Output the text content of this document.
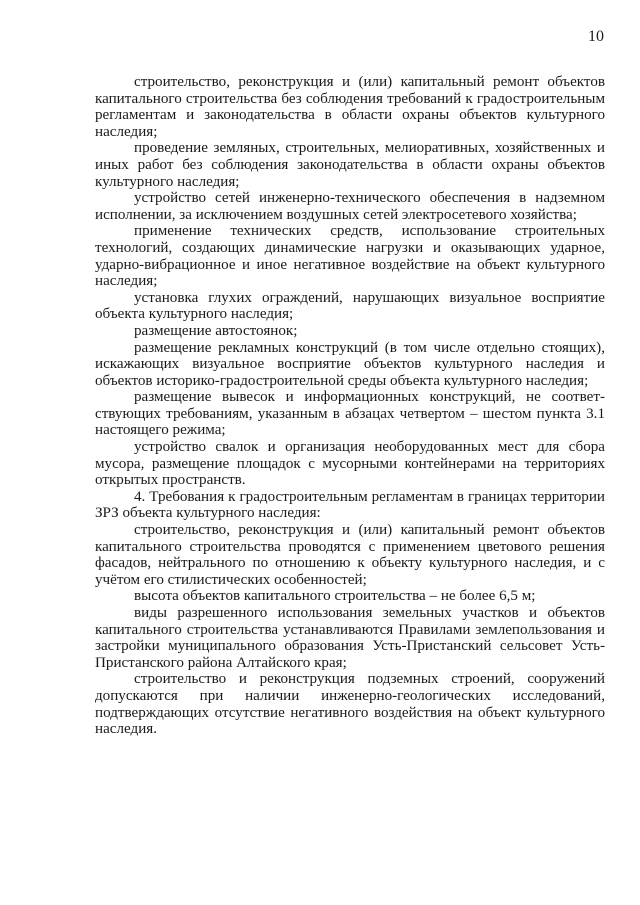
10

строительство, реконструкция и (или) капитальный ремонт объектов капитального строительства без соблюдения требований к градостроительным регламентам и законодательства в области охраны объектов культурного наследия;

проведение земляных, строительных, мелиоративных, хозяйственных и иных работ без соблюдения законодательства в области охраны объектов культурного наследия;

устройство сетей инженерно-технического обеспечения в надземном исполнении, за исключением воздушных сетей электросетевого хозяйства;

применение технических средств, использование строительных технологий, создающих динамические нагрузки и оказывающих ударное, ударно-вибрационное и иное негативное воздействие на объект культурного наследия;

установка глухих ограждений, нарушающих визуальное восприятие объекта культурного наследия;

размещение автостоянок;

размещение рекламных конструкций (в том числе отдельно стоящих), искажающих визуальное восприятие объектов культурного наследия и объектов историко-градостроительной среды объекта культурного наследия;

размещение вывесок и информационных конструкций, не соответ-ствующих требованиям, указанным в абзацах четвертом – шестом пункта 3.1 настоящего режима;

устройство свалок и организация необорудованных мест для сбора мусора, размещение площадок с мусорными контейнерами на территориях открытых пространств.

4. Требования к градостроительным регламентам в границах территории ЗРЗ объекта культурного наследия:

строительство, реконструкция и (или) капитальный ремонт объектов капитального строительства проводятся с применением цветового решения фасадов, нейтрального по отношению к объекту культурного наследия, и с учётом его стилистических особенностей;

высота объектов капитального строительства – не более 6,5 м;

виды разрешенного использования земельных участков и объектов капитального строительства устанавливаются Правилами землепользования и застройки муниципального образования Усть-Пристанский сельсовет Усть-Пристанского района Алтайского края;

строительство и реконструкция подземных строений, сооружений допускаются при наличии инженерно-геологических исследований, подтверждающих отсутствие негативного воздействия на объект культурного наследия.
